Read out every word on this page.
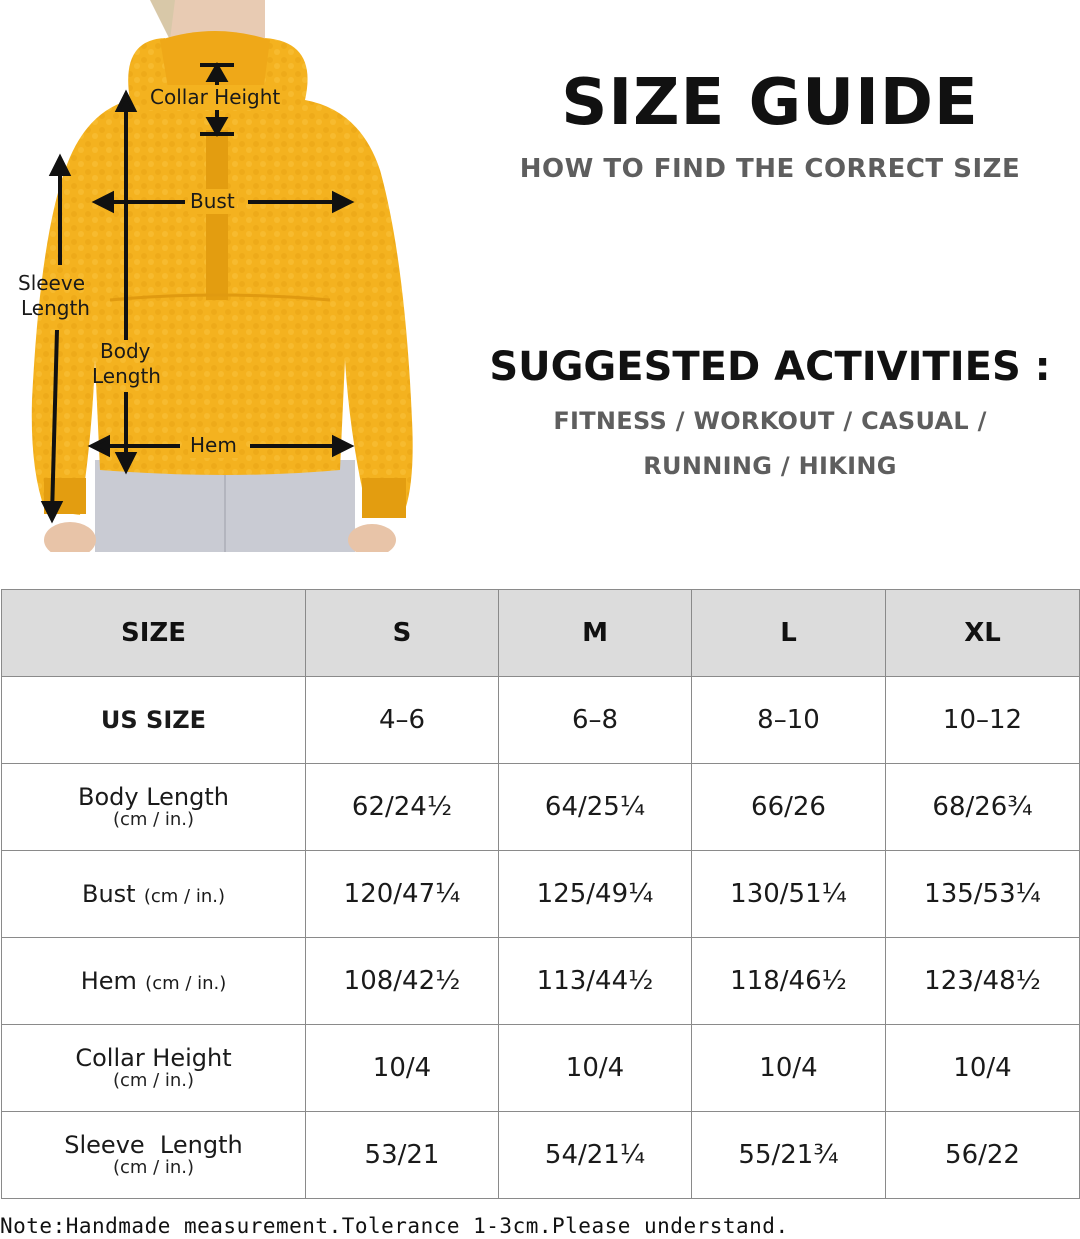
Collar Height
Bust
Sleeve
Length
Body
Length
Hem
SIZE GUIDE
HOW TO FIND THE CORRECT SIZE
SUGGESTED ACTIVITIES :
FITNESS / WORKOUT / CASUAL /
RUNNING / HIKING
SIZE	S	M	L	XL
US SIZE	4–6	6–8	8–10	10–12

Body Length
(cm / in.)	62/24½	64/25¼	66/26	68/26¾
Bust (cm / in.)	120/47¼	125/49¼	130/51¼	135/53¼
Hem (cm / in.)	108/42½	113/44½	118/46½	123/48½

Collar Height
(cm / in.)	10/4	10/4	10/4	10/4

Sleeve  Length
(cm / in.)	53/21	54/21¼	55/21¾	56/22
Note:Handmade measurement.Tolerance 1-3cm.Please understand.
